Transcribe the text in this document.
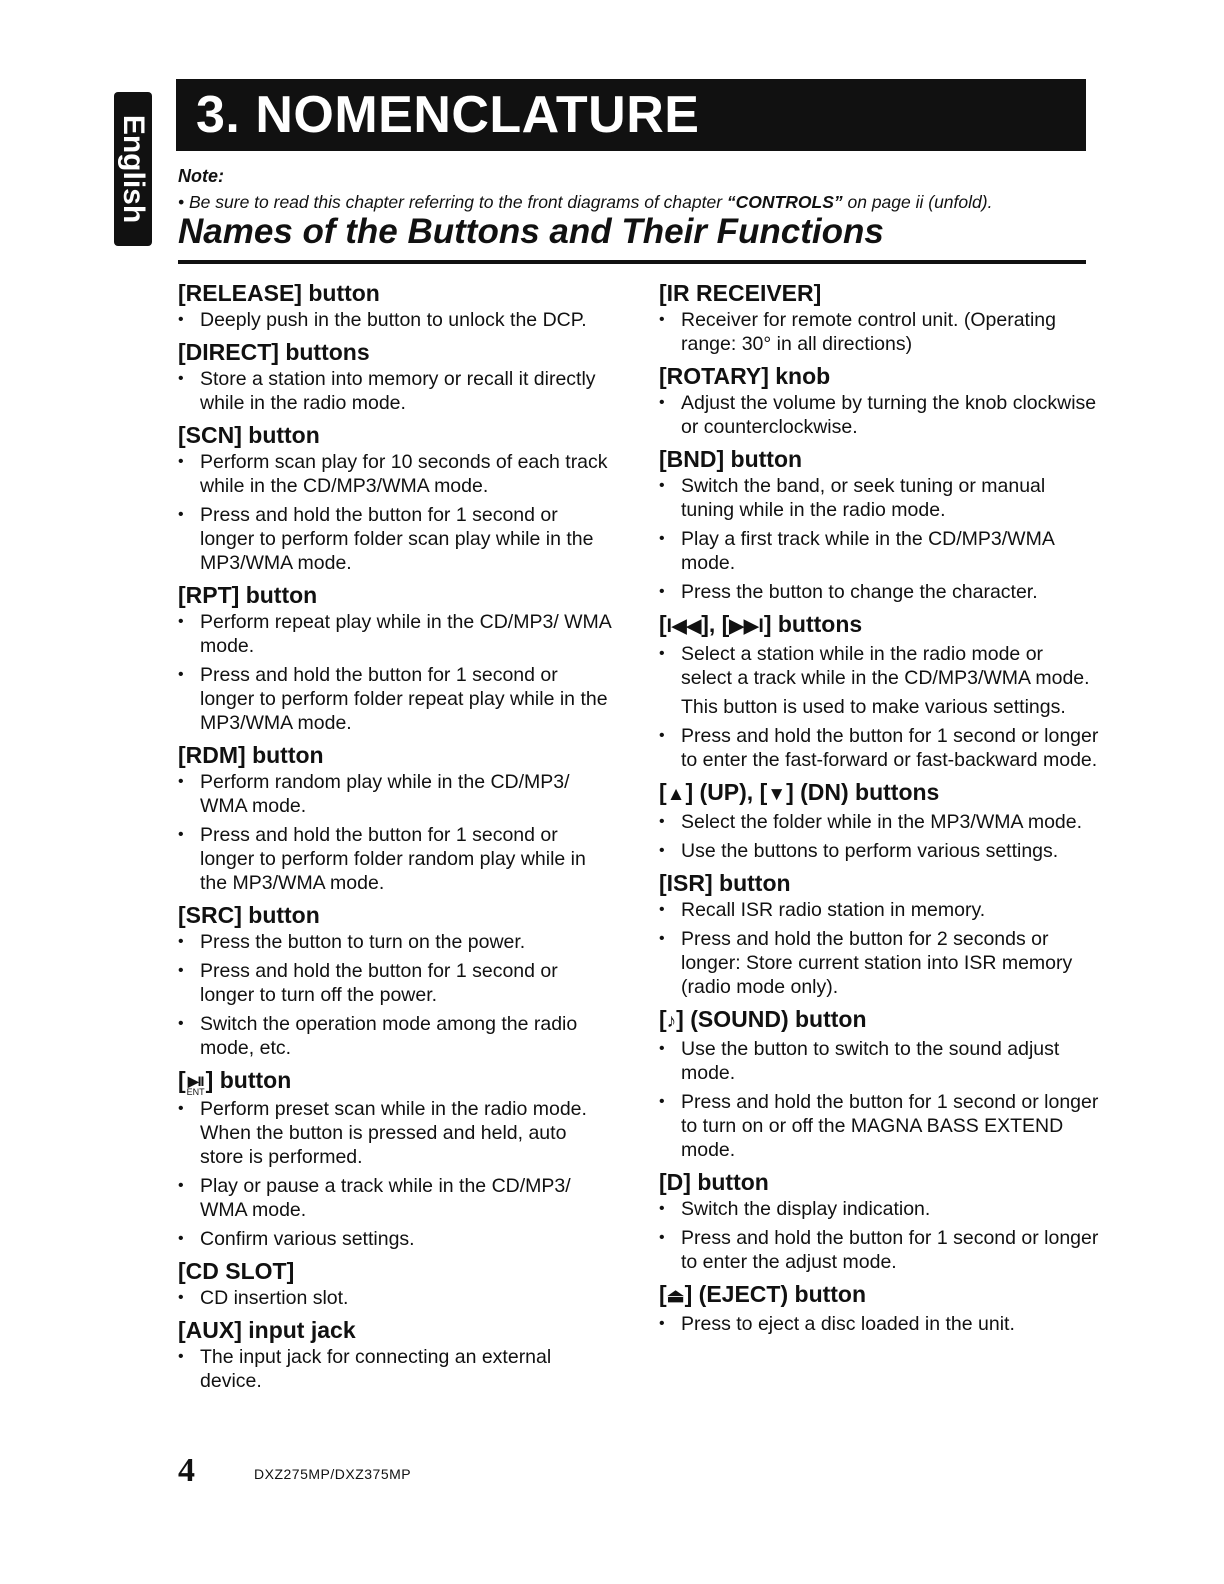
English 3. NOMENCLATURE
Note:
• Be sure to read this chapter referring to the front diagrams of chapter “CONTROLS” on page ii (unfold).
Names of the Buttons and Their Functions

[RELEASE] button

• Deeply push in the button to unlock the DCP.

[DIRECT] buttons

• Store a station into memory or recall it directly while in the radio mode.

[SCN] button

• Perform scan play for 10 seconds of each track while in the CD/MP3/WMA mode.
• Press and hold the button for 1 second or longer to perform folder scan play while in the MP3/WMA mode.

[RPT] button

• Perform repeat play while in the CD/MP3/ WMA mode.
• Press and hold the button for 1 second or longer to perform folder repeat play while in the MP3/WMA mode.

[RDM] button

• Perform random play while in the CD/MP3/ WMA mode.
• Press and hold the button for 1 second or longer to perform folder random play while in the MP3/WMA mode.

[SRC] button

• Press the button to turn on the power.
• Press and hold the button for 1 second or longer to turn off the power.
• Switch the operation mode among the radio mode, etc.

[ ▶II
ENT ] button

• Perform preset scan while in the radio mode. When the button is pressed and held, auto store is performed.
• Play or pause a track while in the CD/MP3/ WMA mode.
• Confirm various settings.

[CD SLOT]

• CD insertion slot.

[AUX] input jack

• The input jack for connecting an external device.

[IR RECEIVER]

• Receiver for remote control unit. (Operating range: 30° in all directions)

[ROTARY] knob

• Adjust the volume by turning the knob clockwise or counterclockwise.

[BND] button

• Switch the band, or seek tuning or manual tuning while in the radio mode.
• Play a first track while in the CD/MP3/WMA mode.
• Press the button to change the character.

[I◀◀], [▶▶I] buttons

• Select a station while in the radio mode or select a track while in the CD/MP3/WMA mode.
This button is used to make various settings.
• Press and hold the button for 1 second or longer to enter the fast-forward or fast-backward mode.

[▲] (UP), [▼] (DN) buttons

• Select the folder while in the MP3/WMA mode.
• Use the buttons to perform various settings.

[ISR] button

• Recall ISR radio station in memory.
• Press and hold the button for 2 seconds or longer: Store current station into ISR memory (radio mode only).

[♪] (SOUND) button

• Use the button to switch to the sound adjust mode.
• Press and hold the button for 1 second or longer to turn on or off the MAGNA BASS EXTEND mode.

[D] button

• Switch the display indication.
• Press and hold the button for 1 second or longer to enter the adjust mode.

[⏏] (EJECT) button

• Press to eject a disc loaded in the unit.
4	DXZ275MP/DXZ375MP
